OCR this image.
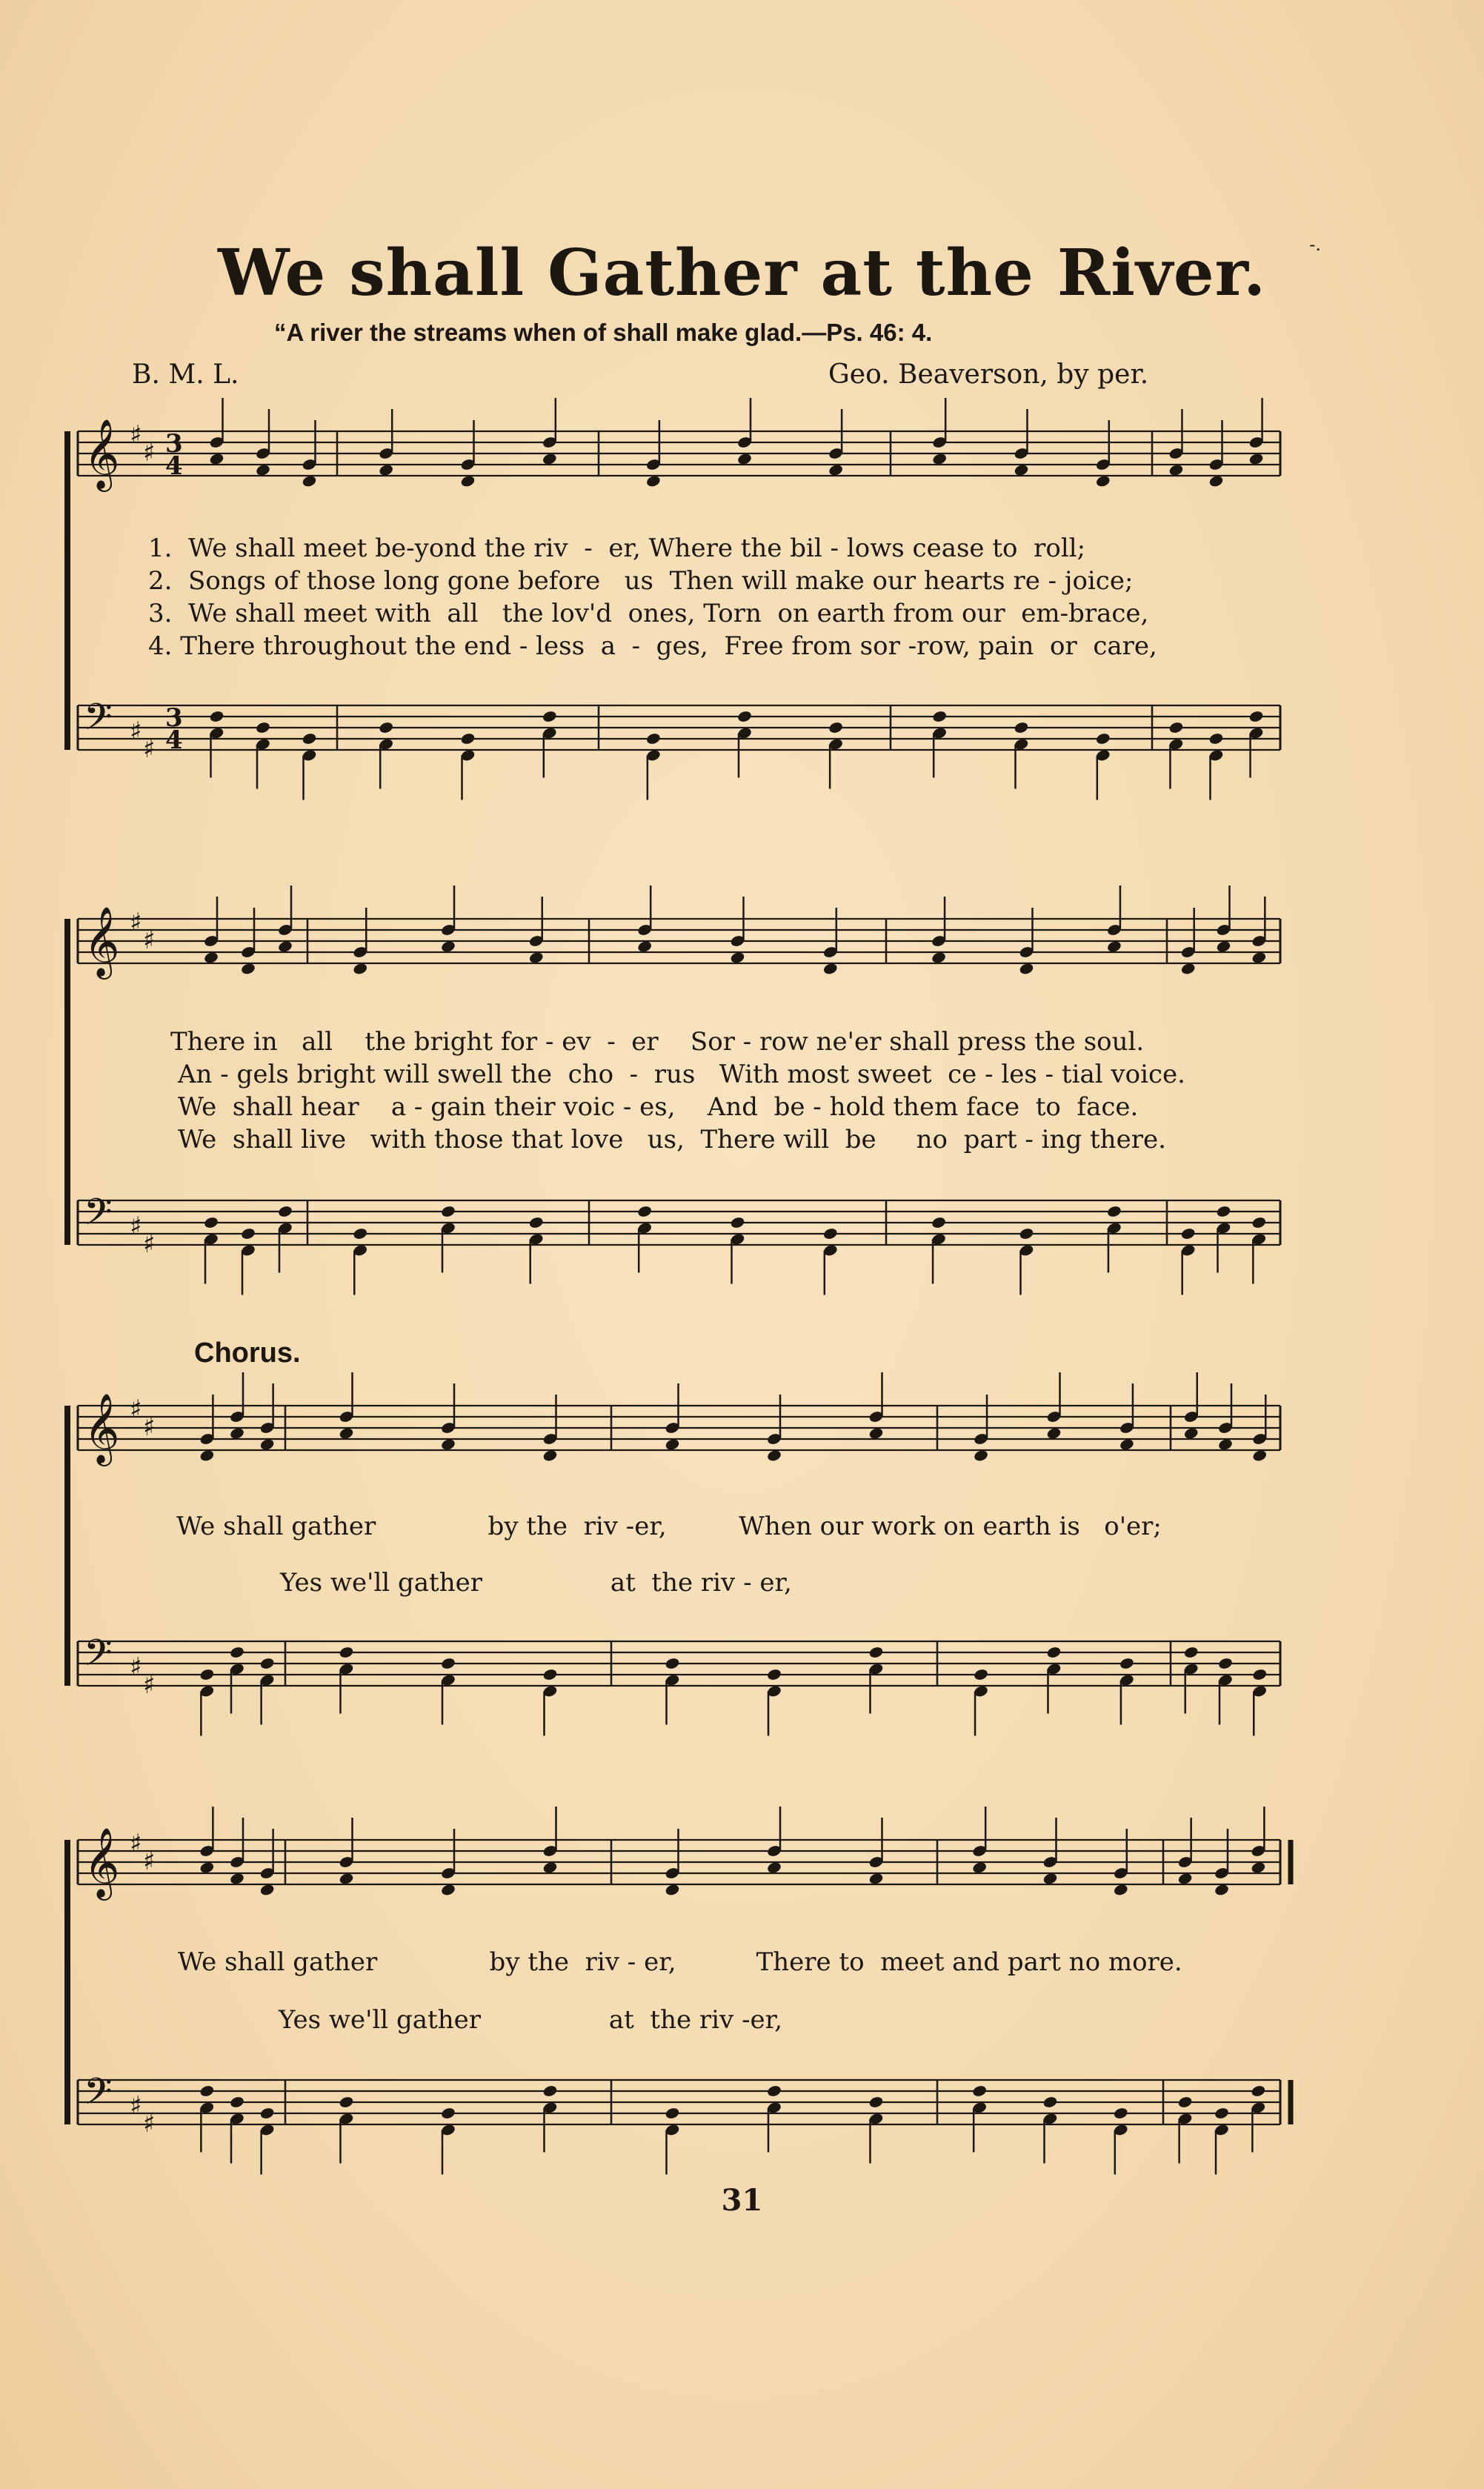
-.
We shall Gather at the River.
“A river the streams when of shall make glad.—Ps. 46: 4.
B. M. L.	Geo. Beaverson, by per.
𝄞 ♯
♯ 3
4
𝄢 ♯
♯
3
4
𝄞 ♯
♯
𝄢 ♯
♯
𝄞 ♯
♯
𝄢 ♯
♯
𝄞 ♯
♯
𝄢 ♯
♯
1.  We shall meet be-yond the riv  -  er, Where the bil - lows cease to  roll;
2.  Songs of those long gone before   us  Then will make our hearts re - joice;
3.  We shall meet with  all   the lov'd  ones, Torn  on earth from our  em-brace,
4. There throughout the end - less  a  -  ges,  Free from sor -row, pain  or  care,
There in   all    the bright for - ev  -  er    Sor - row ne'er shall press the soul.
An - gels bright will swell the  cho  -  rus   With most sweet  ce - les - tial voice.
We  shall hear    a - gain their voic - es,    And  be - hold them face  to  face.
We  shall live   with those that love   us,  There will  be     no  part - ing there.
Chorus.
We shall gather              by the  riv -er,         When our work on earth is   o'er;
Yes we'll gather                at  the riv - er,
We shall gather              by the  riv - er,          There to  meet and part no more.
Yes we'll gather                at  the riv -er,
31
